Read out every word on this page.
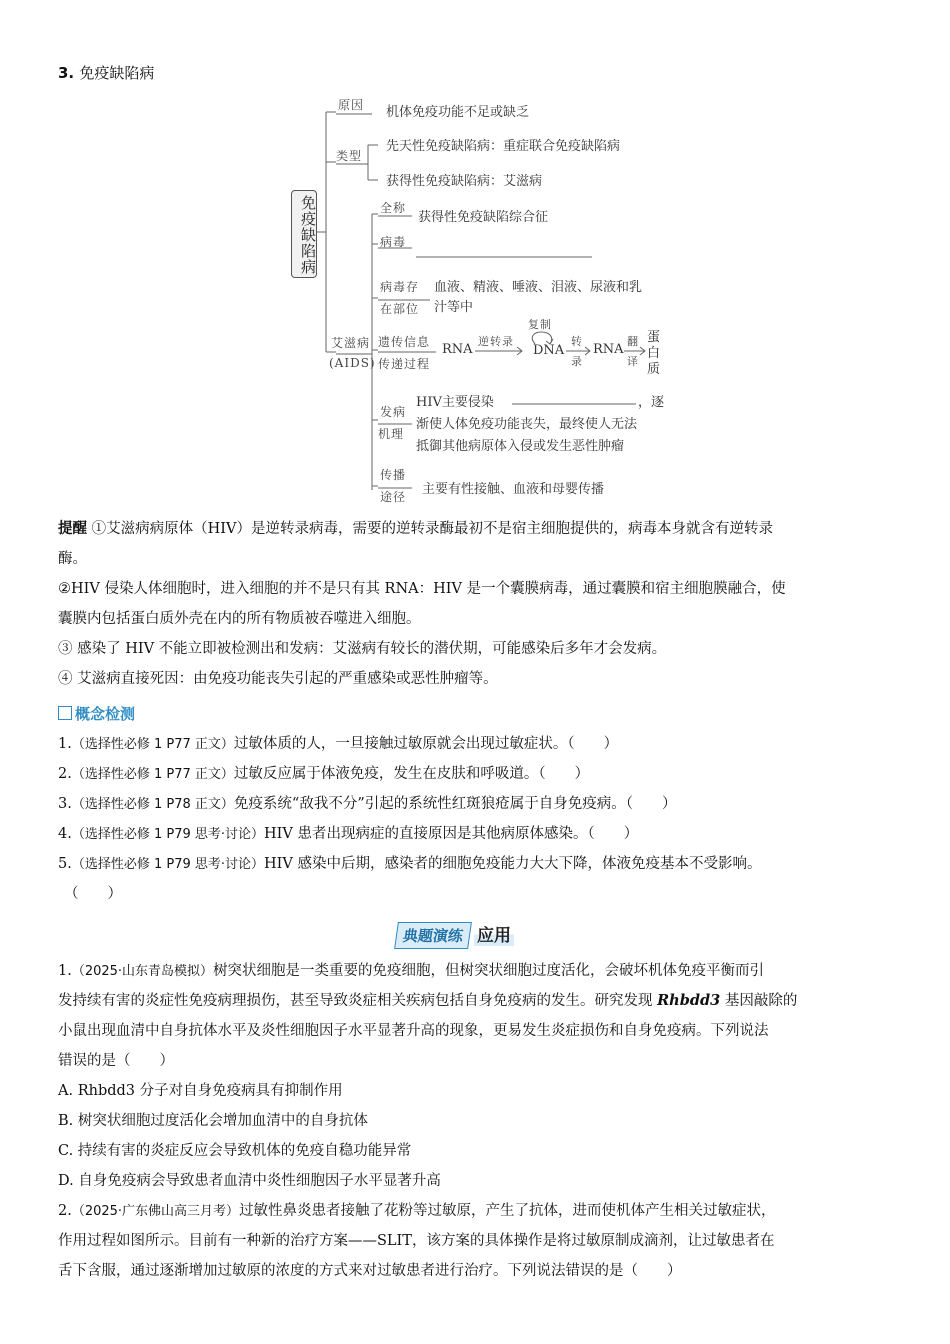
3. 免疫缺陷病
免疫缺陷病
原因 机体免疫功能不足或缺乏
类型
先天性免疫缺陷病：重症联合免疫缺陷病
获得性免疫缺陷病：艾滋病
艾滋病
(AIDS)
全称
获得性免疫缺陷综合征
病毒
病毒存
在部位
血液、精液、唾液、泪液、尿液和乳
汁等中
遗传信息
传递过程
RNA
逆转录
DNA
复制
转
录
RNA
翻
译
蛋
白
质
发病
机理
HIV主要侵染	，逐
渐使人体免疫功能丧失，最终使人无法
抵御其他病原体入侵或发生恶性肿瘤
传播
途径 主要有性接触、血液和母婴传播
提醒 ①艾滋病病原体（HIV）是逆转录病毒，需要的逆转录酶最初不是宿主细胞提供的，病毒本身就含有逆转录
酶。
②HIV 侵染人体细胞时，进入细胞的并不是只有其 RNA：HIV 是一个囊膜病毒，通过囊膜和宿主细胞膜融合，使
囊膜内包括蛋白质外壳在内的所有物质被吞噬进入细胞。
③ 感染了 HIV 不能立即被检测出和发病：艾滋病有较长的潜伏期，可能感染后多年才会发病。
④ 艾滋病直接死因：由免疫功能丧失引起的严重感染或恶性肿瘤等。
概念检测
1.（选择性必修 1 P77 正文）过敏体质的人，一旦接触过敏原就会出现过敏症状。（　　）
2.（选择性必修 1 P77 正文）过敏反应属于体液免疫，发生在皮肤和呼吸道。（　　）
3.（选择性必修 1 P78 正文）免疫系统“敌我不分”引起的系统性红斑狼疮属于自身免疫病。（　　）
4.（选择性必修 1 P79 思考·讨论）HIV 患者出现病症的直接原因是其他病原体感染。（　　）
5.（选择性必修 1 P79 思考·讨论）HIV 感染中后期，感染者的细胞免疫能力大大下降，体液免疫基本不受影响。
（　　）
典题演练 应用
1.（2025·山东青岛模拟）树突状细胞是一类重要的免疫细胞，但树突状细胞过度活化，会破坏机体免疫平衡而引
发持续有害的炎症性免疫病理损伤，甚至导致炎症相关疾病包括自身免疫病的发生。研究发现 Rhbdd3 基因敲除的
小鼠出现血清中自身抗体水平及炎性细胞因子水平显著升高的现象，更易发生炎症损伤和自身免疫病。下列说法
错误的是（　　）
A. Rhbdd3 分子对自身免疫病具有抑制作用
B. 树突状细胞过度活化会增加血清中的自身抗体
C. 持续有害的炎症反应会导致机体的免疫自稳功能异常
D. 自身免疫病会导致患者血清中炎性细胞因子水平显著升高
2.（2025·广东佛山高三月考）过敏性鼻炎患者接触了花粉等过敏原，产生了抗体，进而使机体产生相关过敏症状，
作用过程如图所示。目前有一种新的治疗方案——SLIT，该方案的具体操作是将过敏原制成滴剂，让过敏患者在
舌下含服，通过逐渐增加过敏原的浓度的方式来对过敏患者进行治疗。下列说法错误的是（　　）
